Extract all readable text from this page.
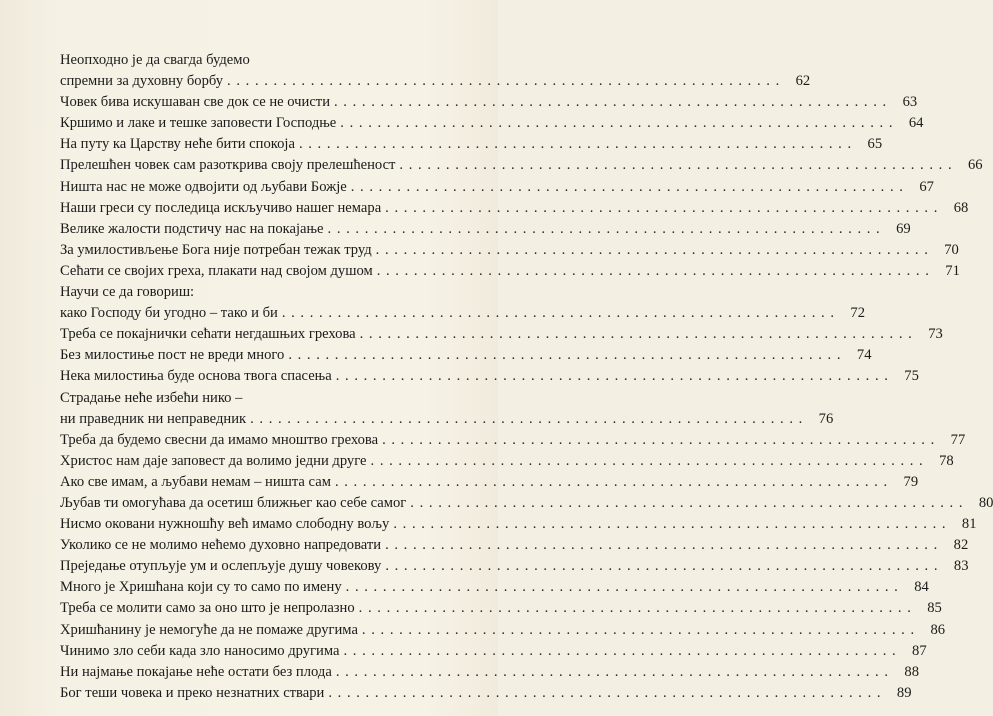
Неопходно је да свагда будемо
спремни за духовну борбу . . .	62
Човек бива искушаван све док се не очисти . . .	63
Кршимо и лаке и тешке заповести Господње . . .	64
На путу ка Царству неће бити спокоја . . .	65
Прелешћен човек сам разоткрива своју прелешћеност . . .	66
Ништа нас не може одвојити од љубави Божје . . .	67
Наши греси су последица искључиво нашег немара . . .	68
Велике жалости подстичу нас на покајање . . .	69
За умилостивљење Бога није потребан тежак труд . . .	70
Сећати се својих греха, плакати над својом душом . . .	71
Научи се да говориш:
како Господу би угодно – тако и би . . .	72
Треба се покајнички сећати негдашњих грехова . . .	73
Без милостиње пост не вреди много . . .	74
Нека милостиња буде основа твога спасења . . .	75
Страдање неће избећи нико –
ни праведник ни неправедник . . .	76
Треба да будемо свесни да имамо мноштво грехова . . .	77
Христос нам даје заповест да волимо једни друге . . .	78
Ако све имам, а љубави немам – ништа сам . . .	79
Љубав ти омогућава да осетиш ближњег као себе самог . . .	80
Нисмо оковани нужношћу већ имамо слободну вољу . . .	81
Уколико се не молимо нећемо духовно напредовати . . .	82
Прејeдање отупљује ум и ослепљује душу човекову . . .	83
Много је Хришћана који су то само по имену . . .	84
Треба се молити само за оно што је непролазно . . .	85
Хришћанину је немогуће да не помаже другима . . .	86
Чинимо зло себи када зло наносимо другима . . .	87
Ни најмање покајање неће остати без плода . . .	88
Бог теши човека и преко незнатних ствари . . .	89
